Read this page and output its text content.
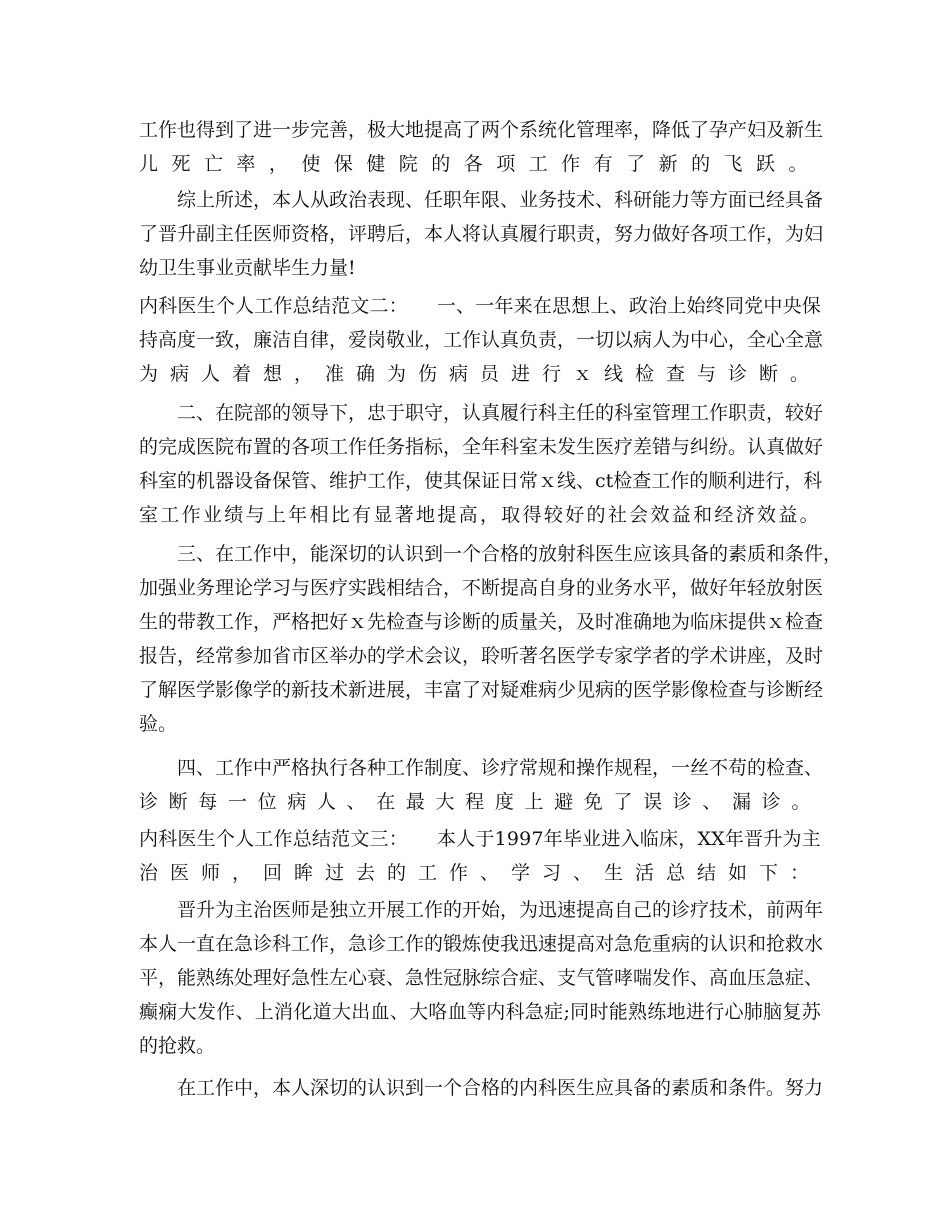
工作也得到了进一步完善，极大地提高了两个系统化管理率，降低了孕产妇及新生
儿死亡率，使保健院的各项工作有了新的飞跃。
综上所述，本人从政治表现、任职年限、业务技术、科研能力等方面已经具备
了晋升副主任医师资格，评聘后，本人将认真履行职责，努力做好各项工作，为妇
幼卫生事业贡献毕生力量!
内科医生个人工作总结范文二：　　一、一年来在思想上、政治上始终同党中央保
持高度一致，廉洁自律，爱岗敬业，工作认真负责，一切以病人为中心，全心全意
为病人着想，准确为伤病员进行ｘ线检查与诊断。
二、在院部的领导下，忠于职守，认真履行科主任的科室管理工作职责，较好
的完成医院布置的各项工作任务指标，全年科室未发生医疗差错与纠纷。认真做好
科室的机器设备保管、维护工作，使其保证日常ｘ线、ct检查工作的顺利进行，科
室工作业绩与上年相比有显著地提高，取得较好的社会效益和经济效益。
三、在工作中，能深切的认识到一个合格的放射科医生应该具备的素质和条件，
加强业务理论学习与医疗实践相结合，不断提高自身的业务水平，做好年轻放射医
生的带教工作，严格把好ｘ先检查与诊断的质量关，及时准确地为临床提供ｘ检查
报告，经常参加省市区举办的学术会议，聆听著名医学专家学者的学术讲座，及时
了解医学影像学的新技术新进展，丰富了对疑难病少见病的医学影像检查与诊断经
验。
四、工作中严格执行各种工作制度、诊疗常规和操作规程，一丝不苟的检查、
诊断每一位病人、在最大程度上避免了误诊、漏诊。
内科医生个人工作总结范文三：　　本人于1997年毕业进入临床，XX年晋升为主
治医师，回眸过去的工作、学习、生活总结如下：
晋升为主治医师是独立开展工作的开始，为迅速提高自己的诊疗技术，前两年
本人一直在急诊科工作，急诊工作的锻炼使我迅速提高对急危重病的认识和抢救水
平，能熟练处理好急性左心衰、急性冠脉综合症、支气管哮喘发作、高血压急症、
癫痫大发作、上消化道大出血、大咯血等内科急症;同时能熟练地进行心肺脑复苏
的抢救。
在工作中，本人深切的认识到一个合格的内科医生应具备的素质和条件。努力
